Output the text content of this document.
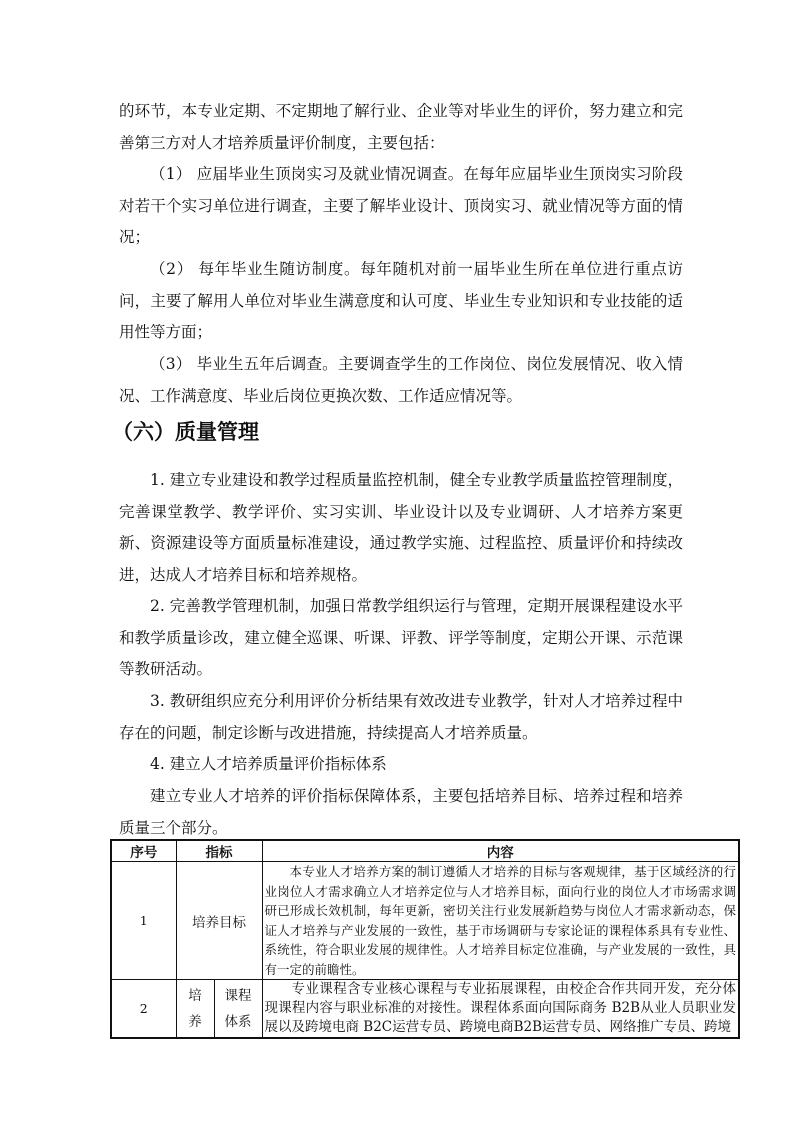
的环节，本专业定期、不定期地了解行业、企业等对毕业生的评价，努力建立和完善第三方对人才培养质量评价制度，主要包括：

（1） 应届毕业生顶岗实习及就业情况调查。在每年应届毕业生顶岗实习阶段对若干个实习单位进行调查，主要了解毕业设计、顶岗实习、就业情况等方面的情况；

（2） 每年毕业生随访制度。每年随机对前一届毕业生所在单位进行重点访问，主要了解用人单位对毕业生满意度和认可度、毕业生专业知识和专业技能的适用性等方面；

（3） 毕业生五年后调查。主要调查学生的工作岗位、岗位发展情况、收入情况、工作满意度、毕业后岗位更换次数、工作适应情况等。

（六）质量管理

1. 建立专业建设和教学过程质量监控机制，健全专业教学质量监控管理制度，完善课堂教学、教学评价、实习实训、毕业设计以及专业调研、人才培养方案更新、资源建设等方面质量标准建设，通过教学实施、过程监控、质量评价和持续改进，达成人才培养目标和培养规格。

2. 完善教学管理机制，加强日常教学组织运行与管理，定期开展课程建设水平和教学质量诊改，建立健全巡课、听课、评教、评学等制度，定期公开课、示范课等教研活动。

3. 教研组织应充分利用评价分析结果有效改进专业教学，针对人才培养过程中存在的问题，制定诊断与改进措施，持续提高人才培养质量。

4. 建立人才培养质量评价指标体系

建立专业人才培养的评价指标保障体系，主要包括培养目标、培养过程和培养质量三个部分。

序号	指标		内容
1	培养目标		本专业人才培养方案的制订遵循人才培养的目标与客观规律，基于区域经济的行业岗位人才需求确立人才培养定位与人才培养目标，面向行业的岗位人才市场需求调研已形成长效机制，每年更新，密切关注行业发展新趋势与岗位人才需求新动态，保证人才培养与产业发展的一致性，基于市场调研与专家论证的课程体系具有专业性、系统性，符合职业发展的规律性。人才培养目标定位准确，与产业发展的一致性，具有一定的前瞻性。
2	培养	课程体系	专业课程含专业核心课程与专业拓展课程，由校企合作共同开发，充分体现课程内容与职业标准的对接性。课程体系面向国际商务 B2B从业人员职业发展以及跨境电商 B2C运营专员、跨境电商B2B运营专员、网络推广专员、跨境
